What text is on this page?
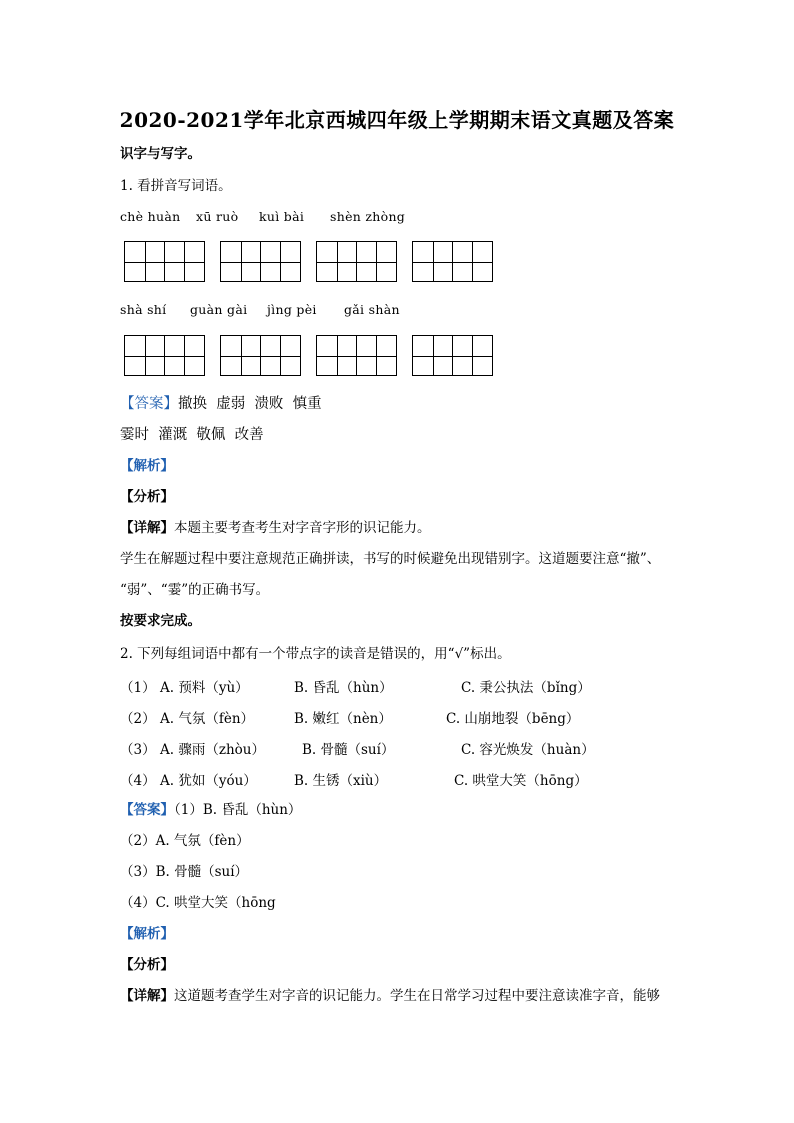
2020-2021学年北京西城四年级上学期期末语文真题及答案
识字与写字。
1. 看拼音写词语。
chè huàn xū ruò kuì bài shèn zhòng
shà shí guàn gài jìng pèi gǎi shàn
【答案】撤换  虚弱  溃败  慎重
霎时  灌溉  敬佩  改善
【解析】
【分析】
【详解】本题主要考查考生对字音字形的识记能力。
学生在解题过程中要注意规范正确拼读，书写的时候避免出现错别字。这道题要注意“撤”、
“弱”、“霎”的正确书写。
按要求完成。
2. 下列每组词语中都有一个带点字的读音是错误的，用“√”标出。
（1） A. 预料（yù）	B. 昏乱（hùn）	C. 秉公执法（bǐng）
（2） A. 气氛（fèn）	B. 嫩红（nèn）	C. 山崩地裂（bēng）
（3） A. 骤雨（zhòu）	B. 骨髓（suí）	C. 容光焕发（huàn）
（4） A. 犹如（yóu）	B. 生锈（xiù）	C. 哄堂大笑（hōng）
【答案】（1）B. 昏乱（hùn）
（2）A. 气氛（fèn）
（3）B. 骨髓（suí）
（4）C. 哄堂大笑（hōng
【解析】
【分析】
【详解】这道题考查学生对字音的识记能力。学生在日常学习过程中要注意读准字音，能够
